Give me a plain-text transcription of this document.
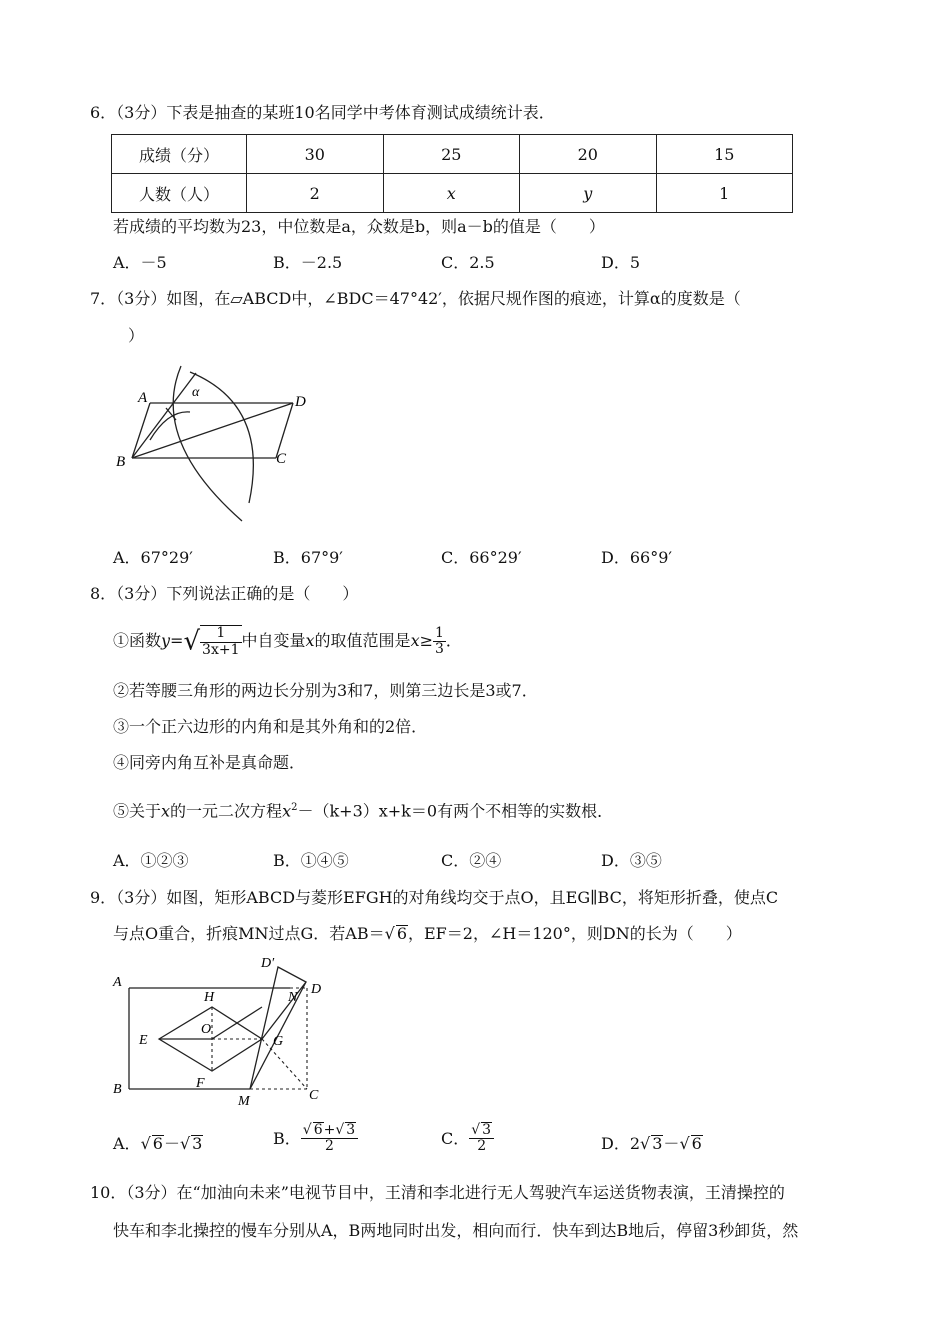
6．（3分）下表是抽查的某班10名同学中考体育测试成绩统计表．
成绩（分）	30	25	20	15
人数（人）	2	x	y	1
若成绩的平均数为23，中位数是a，众数是b，则a－b的值是（　　）
A．－5	B．－2.5	C．2.5	D．5
7．（3分）如图，在▱ABCD中，∠BDC＝47°42′，依据尺规作图的痕迹，计算α的度数是（
）
A
B	C
D
α
A．67°29′	B．67°9′	C．66°29′	D．66°9′
8．（3分）下列说法正确的是（　　）
①函数$y=√ \frac{1}{3x+1}$ 中自变量x的取值范围是$x\ge \frac{1}{3}$ ．
②若等腰三角形的两边长分别为3和7，则第三边长是3或7．
③一个正六边形的内角和是其外角和的2倍．
④同旁内角互补是真命题．
⑤关于x的一元二次方程$x^2-(k+3)x+k=0$有两个不相等的实数根．
A．①②③	B．①④⑤	C．②④	D．③⑤
9．（3分）如图，矩形ABCD与菱形EFGH的对角线均交于点O，且EG∥BC，将矩形折叠，使点C
与点O重合，折痕MN过点G．若AB＝√ 6，EF＝2，∠H＝120°，则DN的长为（　　）
A
B	C
D
D′
E
F
G
H
M
N
O
A．√ 6－√ 3	B． $\frac{√ 6+√ 3}{2}$	C． $\frac{√ 3}{2}$	D．2√ 3－√ 6
10．（3分）在“加油向未来”电视节目中，王清和李北进行无人驾驶汽车运送货物表演，王清操控的
快车和李北操控的慢车分别从A，B两地同时出发，相向而行．快车到达B地后，停留3秒卸货，然
